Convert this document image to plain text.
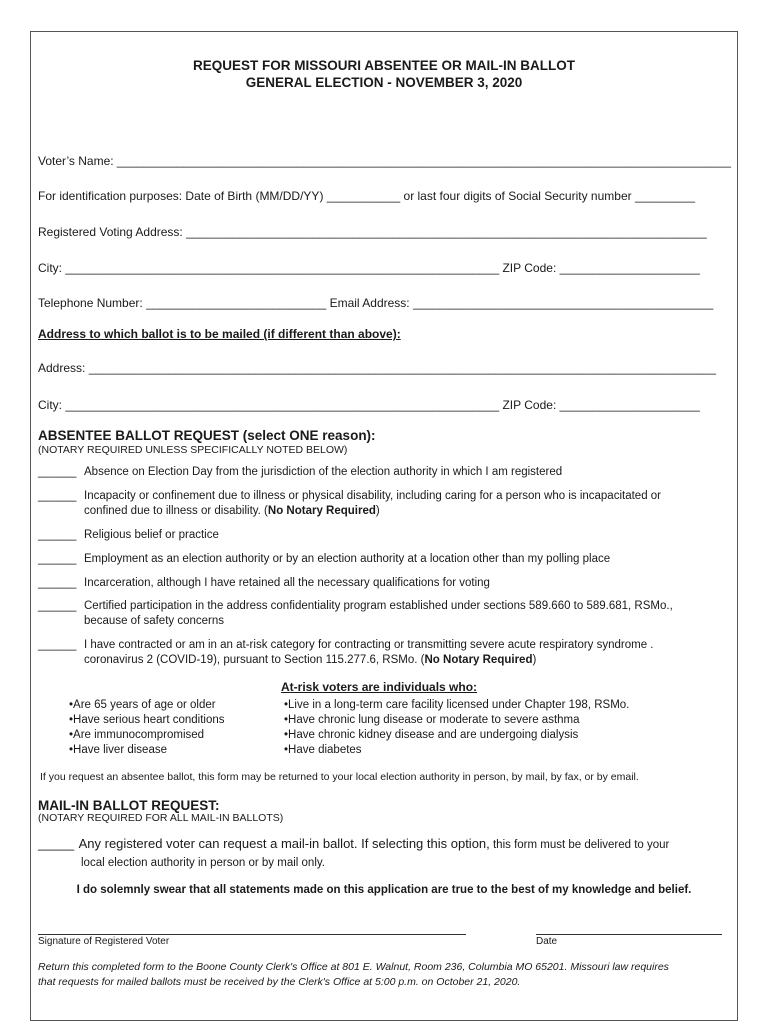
REQUEST FOR MISSOURI ABSENTEE OR MAIL-IN BALLOT
GENERAL ELECTION - NOVEMBER 3, 2020
Voter’s Name: ____________________________________________________________________________________________
For identification purposes: Date of Birth (MM/DD/YY) ___________ or last four digits of Social Security number _________
Registered Voting Address: ______________________________________________________________________________
City: _________________________________________________________________ ZIP Code: _____________________
Telephone Number: ___________________________ Email Address: _____________________________________________
Address to which ballot is to be mailed (if different than above):
Address: ______________________________________________________________________________________________
City: _________________________________________________________________ ZIP Code: _____________________
ABSENTEE BALLOT REQUEST (select ONE reason):
(NOTARY REQUIRED UNLESS SPECIFICALLY NOTED BELOW)
______ Absence on Election Day from the jurisdiction of the election authority in which I am registered
______ Incapacity or confinement due to illness or physical disability, including caring for a person who is incapacitated or
confined due to illness or disability. (No Notary Required)
______ Religious belief or practice
______ Employment as an election authority or by an election authority at a location other than my polling place
______ Incarceration, although I have retained all the necessary qualifications for voting
______ Certified participation in the address confidentiality program established under sections 589.660 to 589.681, RSMo.,
because of safety concerns
______ I have contracted or am in an at-risk category for contracting or transmitting severe acute respiratory syndrome .
coronavirus 2 (COVID-19), pursuant to Section 115.277.6, RSMo. (No Notary Required)
At-risk voters are individuals who:
• Are 65 years of age or older
• Have serious heart conditions
• Are immunocompromised
• Have liver disease
• Live in a long-term care facility licensed under Chapter 198, RSMo.
• Have chronic lung disease or moderate to severe asthma
• Have chronic kidney disease and are undergoing dialysis
• Have diabetes
If you request an absentee ballot, this form may be returned to your local election authority in person, by mail, by fax, or by email.
MAIL-IN BALLOT REQUEST:
(NOTARY REQUIRED FOR ALL MAIL-IN BALLOTS)
_____ Any registered voter can request a mail-in ballot. If selecting this option, this form must be delivered to your
local election authority in person or by mail only.
I do solemnly swear that all statements made on this application are true to the best of my knowledge and belief.
Signature of Registered Voter	Date
Return this completed form to the Boone County Clerk's Office at 801 E. Walnut, Room 236, Columbia MO 65201. Missouri law requires
that requests for mailed ballots must be received by the Clerk's Office at 5:00 p.m. on October 21, 2020.
